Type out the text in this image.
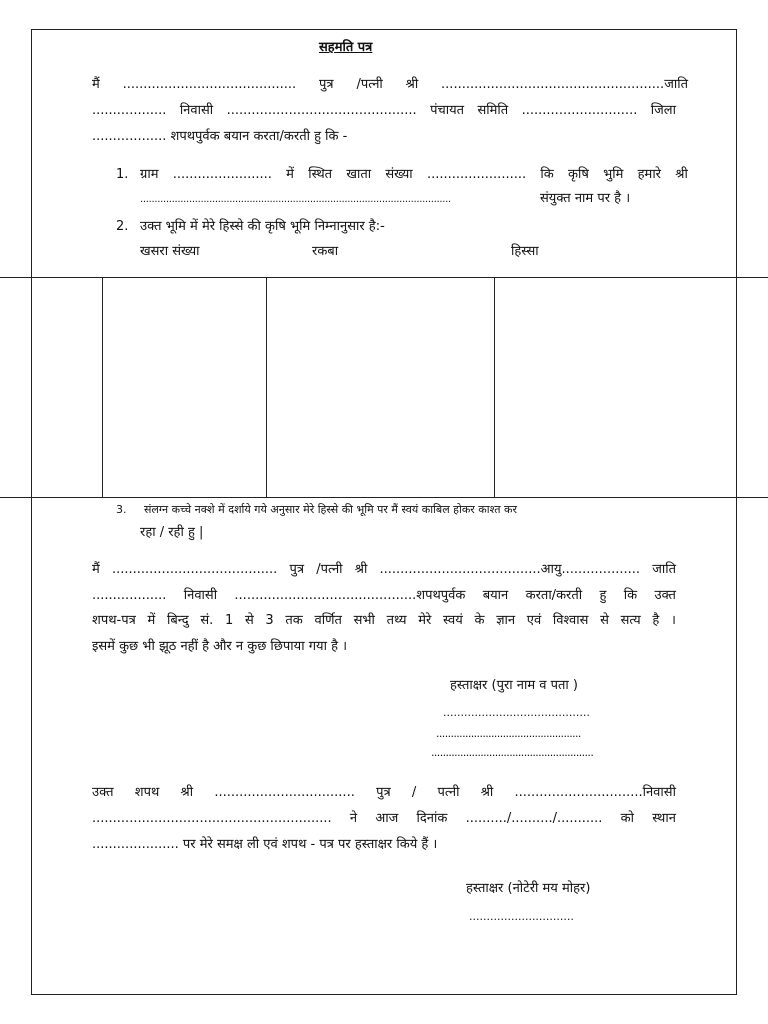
सहमति पत्र
मैं .......................................... पुत्र /पत्नी श्री ......................................................जाति
.................. निवासी .............................................. पंचायत समिति ............................ जिला
.................. शपथपुर्वक बयान करता/करती हु कि -
1. ग्राम ........................ में स्थित खाता संख्या ........................ कि कृषि भुमि हमारे श्री
............................................................................................................	संयुक्त नाम पर है ।
2. उक्त भूमि में मेरे हिस्से की कृषि भूमि निम्नानुसार है:-
खसरा संख्या	रकबा	हिस्सा
3. संलग्न कच्चे नक्शे में दर्शाये गये अनुसार मेरे हिस्से की भूमि पर मैं स्वयं काबिल होकर काश्त कर
रहा / रही हु |
मैं ........................................ पुत्र /पत्नी श्री .......................................आयु................... जाति
.................. निवासी ............................................शपथपुर्वक बयान करता/करती हु कि उक्त
शपथ-पत्र में बिन्दु सं. 1 से 3 तक वर्णित सभी तथ्य मेरे स्वयं के ज्ञान एवं विश्वास से सत्य है ।
इसमें कुछ भी झूठ नहीं है और न कुछ छिपाया गया है ।
हस्ताक्षर (पुरा नाम व पता )
..........................................
..................................................
........................................................
उक्त शपथ श्री .................................. पुत्र / पत्नी श्री ...............................निवासी
.......................................................... ने आज दिनांक ........../........../........... को स्थान
..................... पर मेरे समक्ष ली एवं शपथ - पत्र पर हस्ताक्षर किये हैं ।
हस्ताक्षर (नोटेरी मय मोहर)
..............................
